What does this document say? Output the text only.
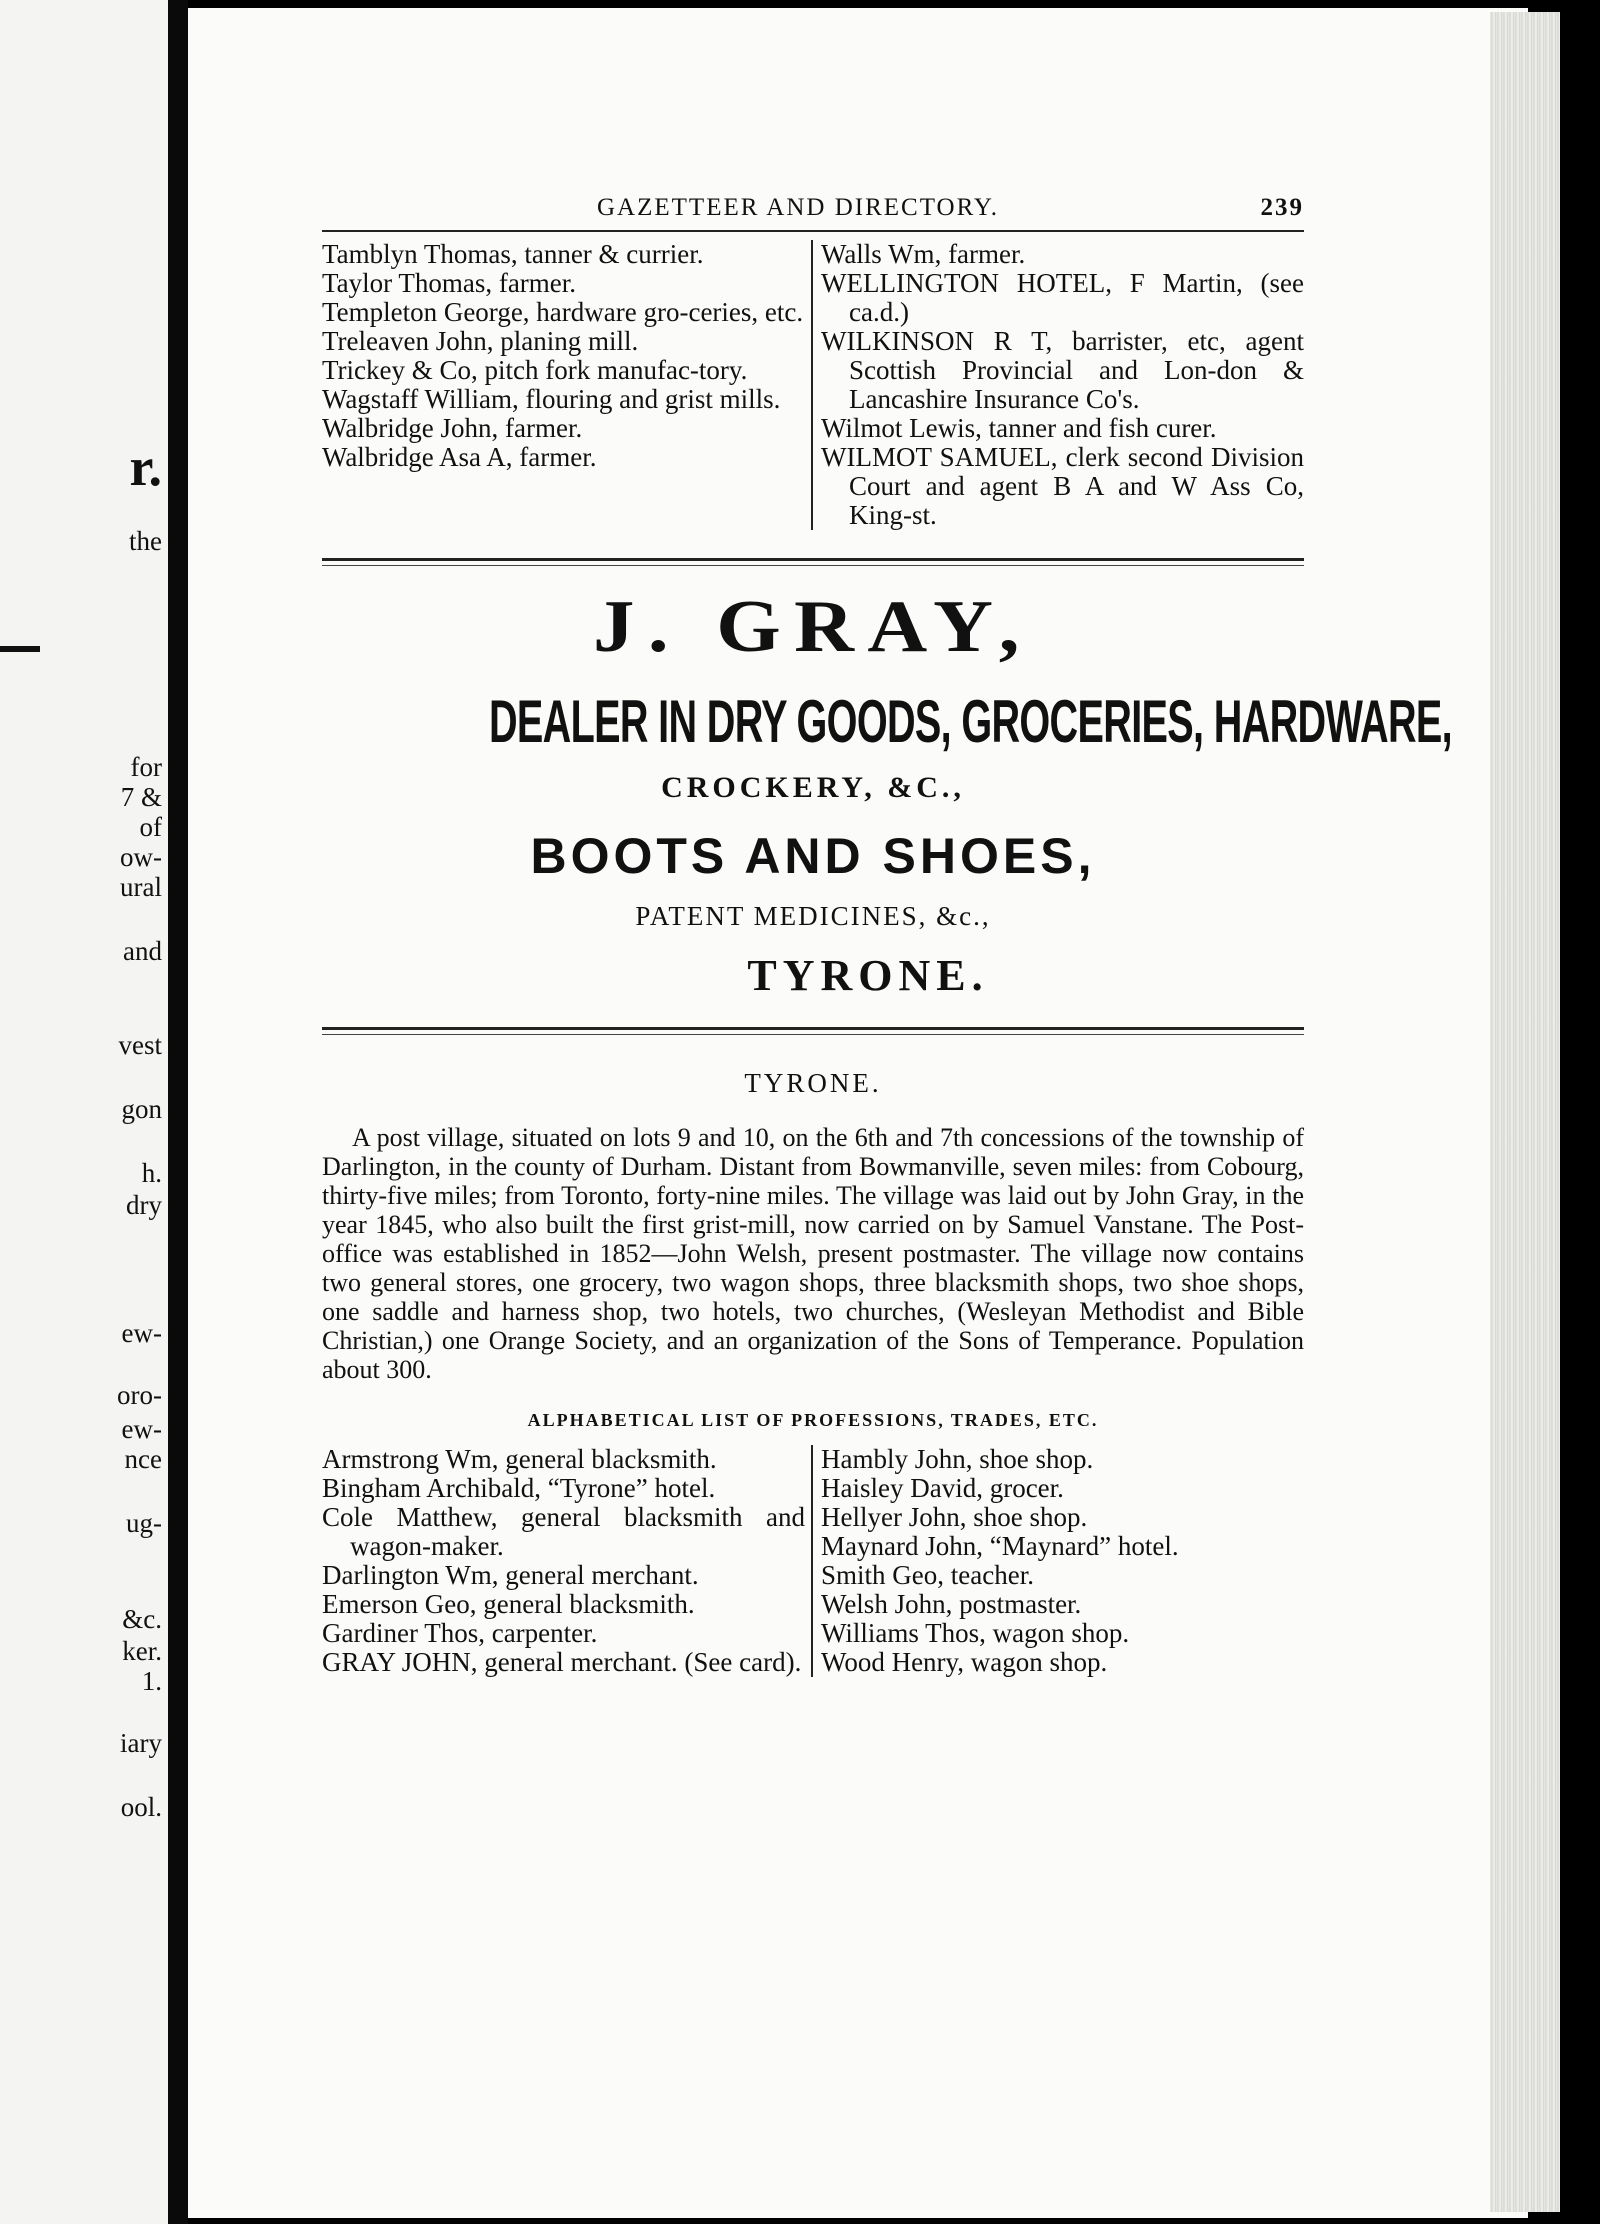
r.
the
for
7 &
of
ow-
ural
and
vest
gon
h.
dry
ew-
oro-
ew-
nce
ug-
&c.
ker.
1.
iary
ool.
GAZETTEER AND DIRECTORY.	239
Tamblyn Thomas, tanner & currier.
Taylor Thomas, farmer.
Templeton George, hardware gro-ceries, etc.
Treleaven John, planing mill.
Trickey & Co, pitch fork manufac-tory.
Wagstaff William, flouring and grist mills.
Walbridge John, farmer.
Walbridge Asa A, farmer.
Walls Wm, farmer.
WELLINGTON HOTEL, F Martin, (see ca.d.)
WILKINSON R T, barrister, etc, agent Scottish Provincial and Lon-don & Lancashire Insurance Co's.
Wilmot Lewis, tanner and fish curer.
WILMOT SAMUEL, clerk second Division Court and agent B A and W Ass Co, King-st.
J. GRAY,
DEALER IN DRY GOODS, GROCERIES, HARDWARE,
CROCKERY, &C.,
BOOTS AND SHOES,
PATENT MEDICINES, &c.,
TYRONE.
TYRONE.
A post village, situated on lots 9 and 10, on the 6th and 7th concessions of the township of Darlington, in the county of Durham. Distant from Bowmanville, seven miles: from Cobourg, thirty-five miles; from Toronto, forty-nine miles. The village was laid out by John Gray, in the year 1845, who also built the first grist-mill, now carried on by Samuel Vanstane. The Post-office was established in 1852—John Welsh, present postmaster. The village now contains two general stores, one grocery, two wagon shops, three blacksmith shops, two shoe shops, one saddle and harness shop, two hotels, two churches, (Wesleyan Methodist and Bible Christian,) one Orange Society, and an organization of the Sons of Temperance. Population about 300.
ALPHABETICAL LIST OF PROFESSIONS, TRADES, ETC.
Armstrong Wm, general blacksmith.
Bingham Archibald, “Tyrone” hotel.
Cole Matthew, general blacksmith and wagon-maker.
Darlington Wm, general merchant.
Emerson Geo, general blacksmith.
Gardiner Thos, carpenter.
GRAY JOHN, general merchant. (See card).
Hambly John, shoe shop.
Haisley David, grocer.
Hellyer John, shoe shop.
Maynard John, “Maynard” hotel.
Smith Geo, teacher.
Welsh John, postmaster.
Williams Thos, wagon shop.
Wood Henry, wagon shop.
